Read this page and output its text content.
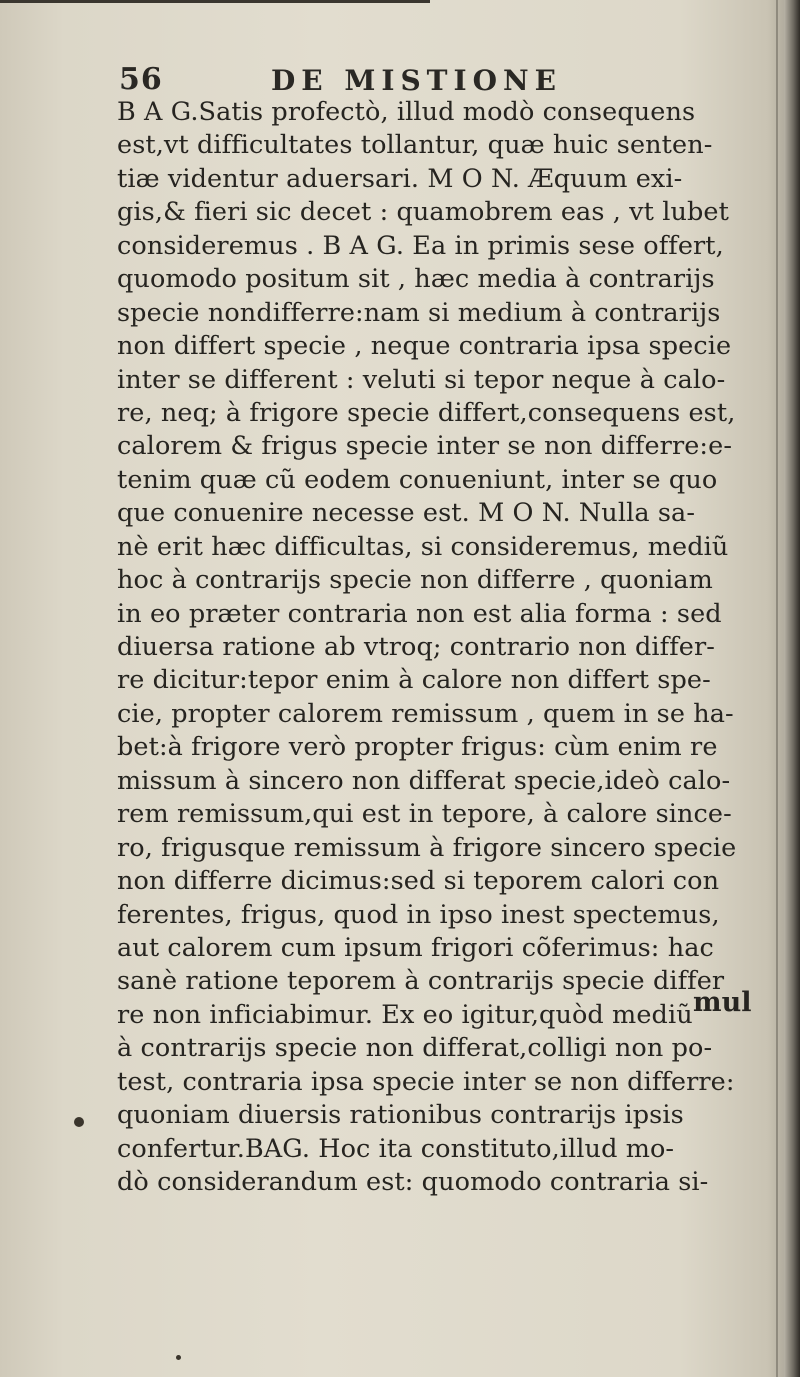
56	DE MISTIONE
B A G.Satis profectò, illud modò consequens
est,vt difficultates tollantur, quæ huic senten-
tiæ videntur aduersari. M O N. Æquum exi-
gis,& fieri sic decet : quamobrem eas , vt lubet
consideremus . B A G. Ea in primis sese offert,
quomodo positum sit , hæc media à contrarijs
specie nondifferre:nam si medium à contrarijs
non differt specie , neque contraria ipsa specie
inter se different : veluti si tepor neque à calo-
re, neq; à frigore specie differt,consequens est,
calorem & frigus specie inter se non differre:e-
tenim quæ cũ eodem conueniunt, inter se quo
que conuenire necesse est. M O N. Nulla sa-
nè erit hæc difficultas, si consideremus, mediũ
hoc à contrarijs specie non differre , quoniam
in eo præter contraria non est alia forma : sed
diuersa ratione ab vtroq; contrario non differ-
re dicitur:tepor enim à calore non differt spe-
cie, propter calorem remissum , quem in se ha-
bet:à frigore verò propter frigus: cùm enim re
missum à sincero non differat specie,ideò calo-
rem remissum,qui est in tepore, à calore since-
ro, frigusque remissum à frigore sincero specie
non differre dicimus:sed si teporem calori con
ferentes, frigus, quod in ipso inest spectemus,
aut calorem cum ipsum frigori cõferimus: hac
sanè ratione teporem à contrarijs specie differ
re non inficiabimur. Ex eo igitur,quòd mediũ
à contrarijs specie non differat,colligi non po-
test, contraria ipsa specie inter se non differre:
quoniam diuersis rationibus contrarijs ipsis
confertur.BAG. Hoc ita constituto,illud mo-
dò considerandum est: quomodo contraria si-
mul
